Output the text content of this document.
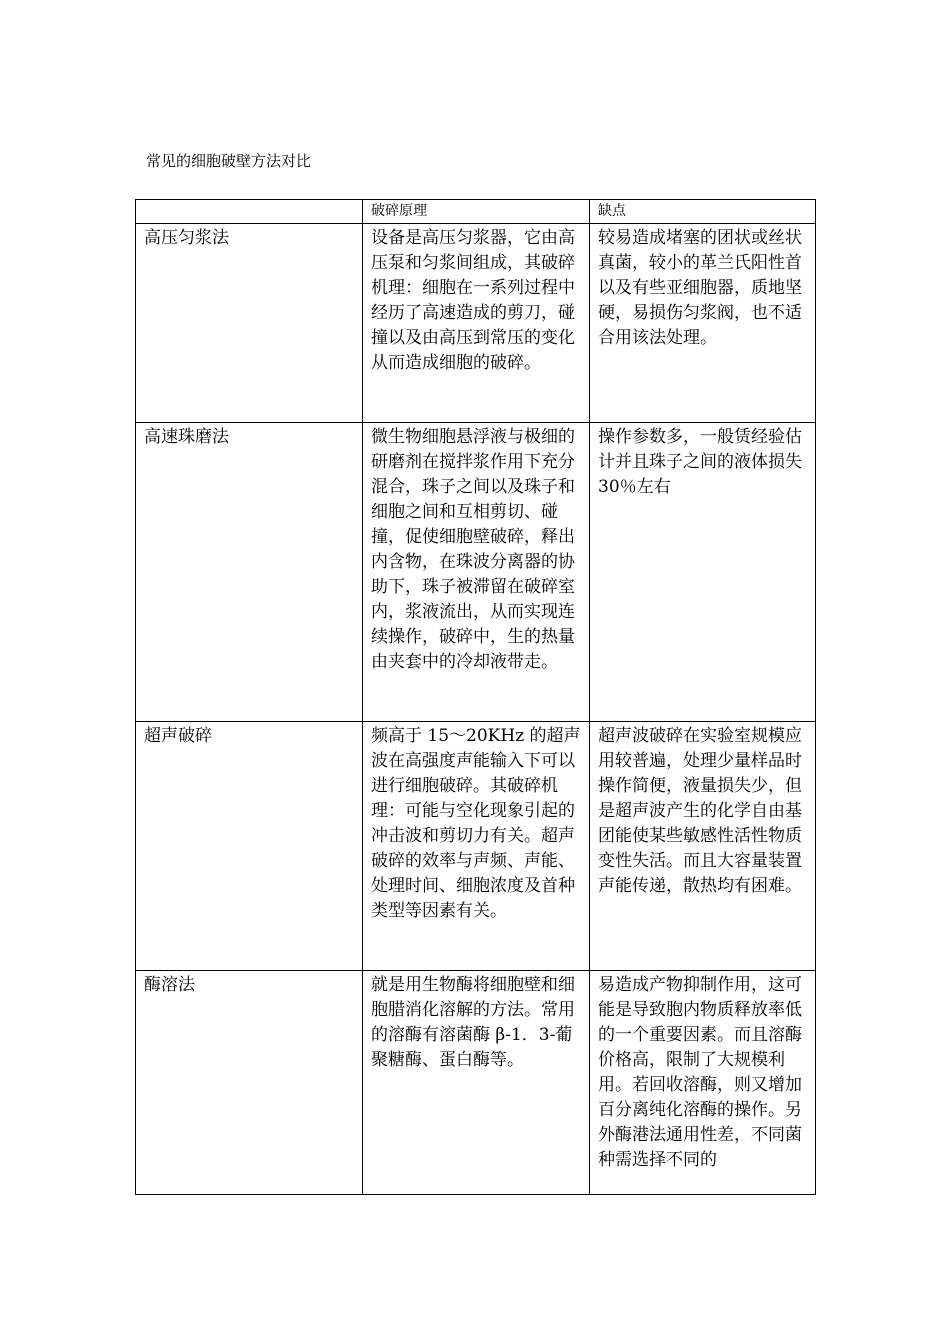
常见的细胞破壁方法对比
	破碎原理	缺点
高压匀浆法	设备是高压匀浆器，它由高压泵和匀浆间组成，其破碎机理：细胞在一系列过程中经历了高速造成的剪刀，碰撞以及由高压到常压的变化从而造成细胞的破碎。	较易造成堵塞的团状或丝状真菌，较小的革兰氏阳性首以及有些亚细胞器，质地坚硬，易损伤匀浆阀，也不适合用该法处理。
高速珠磨法	微生物细胞悬浮液与极细的研磨剂在搅拌浆作用下充分混合，珠子之间以及珠子和细胞之间和互相剪切、碰撞，促使细胞壁破碎，释出内含物，在珠波分离器的协助下，珠子被滞留在破碎室内，浆液流出，从而实现连续操作，破碎中，生的热量由夹套中的冷却液带走。	操作参数多，一般赁经验估计并且珠子之间的液体损失 30％左右
超声破碎	频高于 15～20KHz 的超声波在高强度声能输入下可以进行细胞破碎。其破碎机理：可能与空化现象引起的冲击波和剪切力有关。超声破碎的效率与声频、声能、处理时间、细胞浓度及首种类型等因素有关。	超声波破碎在实验室规模应用较普遍，处理少量样品时操作简便，液量损失少，但是超声波产生的化学自由基团能使某些敏感性活性物质变性失活。而且大容量装置声能传递，散热均有困难。
酶溶法	就是用生物酶将细胞壁和细胞腊消化溶解的方法。常用的溶酶有溶菌酶 β-1．3-葡聚糖酶、蛋白酶等。	易造成产物抑制作用，这可能是导致胞内物质释放率低的一个重要因素。而且溶酶价格高，限制了大规模利用。若回收溶酶，则又增加百分离纯化溶酶的操作。另外酶港法通用性差，不同菌种需选择不同的
